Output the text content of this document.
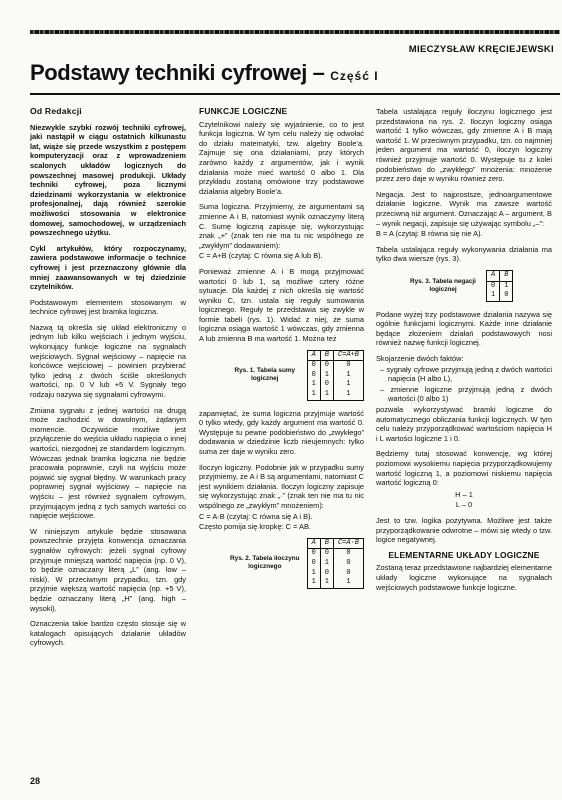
MIECZYSŁAW KRĘCIEJEWSKI
Podstawy techniki cyfrowej – Część I
Od Redakcji

Niezwykle szybki rozwój techniki cyfrowej, jaki nastąpił w ciągu ostatnich kilkunastu lat, wiąże się przede wszystkim z postępem komputeryzacji oraz z wprowadzeniem scalonych układów logicznych do powszechnej masowej produkcji. Układy techniki cyfrowej, poza licznymi dziedzinami wykorzystania w elektronice profesjonalnej, dają również szerokie możliwości stosowania w elektronice domowej, samochodowej, w urządzeniach powszechnego użytku.

Cykl artykułów, który rozpoczynamy, zawiera podstawowe informacje o technice cyfrowej i jest przeznaczony głównie dla mniej zaawansowanych w tej dziedzinie czytelników.

Podstawowym elementem stosowanym w technice cyfrowej jest bramka logiczna.

Nazwą tą określa się układ elektroniczny o jednym lub kilku wejściach i jednym wyjściu, wykonujący funkcje logiczne na sygnałach wejściowych. Sygnał wejściowy – napięcie na końcówce wejściowej – powinien przybierać tylko jedną z dwóch ściśle określonych wartości, np. 0 V lub +5 V. Sygnały tego rodzaju nazywa się sygnałami cyfrowymi.

Zmiana sygnału z jednej wartości na drugą może zachodzić w dowolnym, żądanym momencie. Oczywiście możliwe jest przyłączenie do wejścia układu napięcia o innej wartości, niezgodnej ze standardem logicznym. Wówczas jednak bramka logiczna nie będzie pracowała poprawnie, czyli na wyjściu może pojawić się sygnał błędny. W warunkach pracy poprawnej sygnał wyjściowy – napięcie na wyjściu – jest również sygnałem cyfrowym, przyjmującym jedną z tych samych wartości co napięcie wejściowe.

W niniejszym artykule będzie stosowana powszechnie przyjęta konwencja oznaczania sygnałów cyfrowych: jeżeli sygnał cyfrowy przyjmuje mniejszą wartość napięcia (np. 0 V), to będzie oznaczany literą „L” (ang. low – niski). W przeciwnym przypadku, tzn. gdy przyjmie większą wartość napięcia (np. +5 V), będzie oznaczany literą „H” (ang. high – wysoki).

Oznaczenia takie bardzo często stosuje się w katalogach opisujących działanie układów cyfrowych.

FUNKCJE LOGICZNE

Czytelnikowi należy się wyjaśnienie, co to jest funkcja logiczna. W tym celu należy się odwołać do działu matematyki, tzw. algebry Boole'a. Zajmuje się ona działaniami, przy których zarówno każdy z argumentów, jak i wynik działania może mieć wartość 0 albo 1. Dla przykładu zostaną omówione trzy podstawowe działania algebry Boole'a.

Suma logiczna. Przyjmiemy, że argumentami są zmienne A i B, natomiast wynik oznaczymy literą C. Sumę logiczną zapisuje się, wykorzystując znak „+” (znak ten nie ma tu nic wspólnego ze „zwykłym” dodawaniem):

C = A+B (czytaj: C równa się A lub B).

Ponieważ zmienne A i B mogą przyjmować wartości 0 lub 1, są możliwe cztery różne sytuacje. Dla każdej z nich określa się wartość wyniku C, tzn. ustala się reguły sumowania logicznego. Reguły te przedstawia się zwykle w formie tabeli (rys. 1). Widać z niej, że suma logiczna osiąga wartość 1 wówczas, gdy zmienna A lub zmienna B ma wartość 1. Można też

Rys. 1. Tabela sumy logicznej
A	B	C=A+B
0	0	0
0	1	1
1	0	1
1	1	1

zapamiętać, że suma logiczna przyjmuje wartość 0 tylko wtedy, gdy każdy argument ma wartość 0. Występuje tu pewne podobieństwo do „zwykłego” dodawania w dziedzinie liczb nieujemnych: tylko suma zer daje w wyniku zero.

Iloczyn logiczny. Podobnie jak w przypadku sumy przyjmiemy, że A i B są argumentami, natomiast C jest wynikiem działania. Iloczyn logiczny zapisuje się wykorzystując znak „·” (znak ten nie ma tu nic wspólnego ze „zwykłym” mnożeniem):

C = A·B (czytaj: C równa się A i B).

Często pomija się kropkę: C = AB.

Rys. 2. Tabela iloczynu logicznego
A	B	C=A·B
0	0	0
0	1	0
1	0	0
1	1	1

Tabela ustalająca reguły iloczynu logicznego jest przedstawiona na rys. 2. Iloczyn logiczny osiąga wartość 1 tylko wówczas, gdy zmienne A i B mają wartość 1. W przeciwnym przypadku, tzn. co najmniej jeden argument ma wartość 0, iloczyn logiczny również przyjmuje wartość 0. Występuje tu z kolei podobieństwo do „zwykłego” mnożenia: mnożenie przez zero daje w wyniku również zero.

Negacja. Jest to najprostsze, jednoargumentowe działanie logiczne. Wynik ma zawsze wartość przeciwną niż argument. Oznaczając A – argument, B – wynik negacji, zapisuje się używając symbolu „–”:

B = A (czytaj: B równa się nie A).

Tabela ustalająca reguły wykonywania działania ma tylko dwa wiersze (rys. 3).

Rys. 3. Tabela negacji logicznej
A	B
0	1
1	0

Podane wyżej trzy podstawowe działania nazywa się ogólnie funkcjami logicznymi. Każde inne działanie będące złożeniem działań podstawowych nosi również nazwę funkcji logicznej.

Skojarzenie dwóch faktów:

– sygnały cyfrowe przyjmują jedną z dwóch wartości napięcia (H albo L),

– zmienne logiczne przyjmują jedną z dwóch wartości (0 albo 1)

pozwala wykorzystywać bramki logiczne do automatycznego obliczania funkcji logicznych. W tym celu należy przyporządkować wartościom napięcia H i L wartości logiczne 1 i 0.

Będziemy tutaj stosować konwencję, wg której poziomowi wysokiemu napięcia przyporządkowujemy wartość logiczną 1, a poziomowi niskiemu napięcia wartość logiczną 0:

H – 1

L – 0

Jest to tzw. logika pozytywna. Możliwe jest także przyporządkowanie odwrotne – mówi się wtedy o tzw. logice negatywnej.

ELEMENTARNE UKŁADY LOGICZNE

Zostaną teraz przedstawione najbardziej elementarne układy logiczne wykonujące na sygnałach wejściowych podstawowe funkcje logiczne.

28
